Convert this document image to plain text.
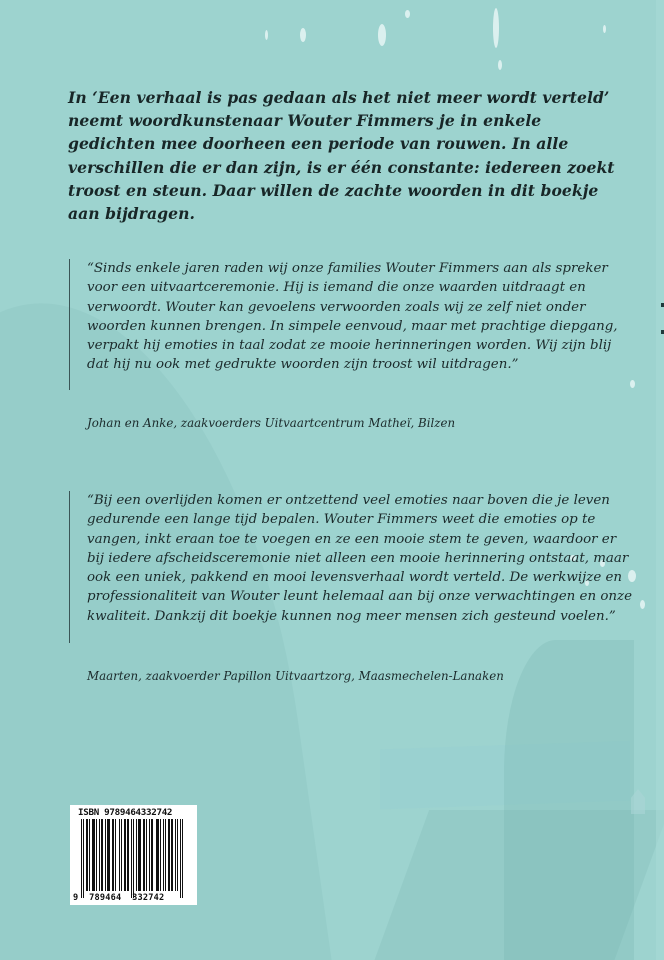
In ‘Een verhaal is pas gedaan als het niet meer wordt verteld’ neemt woordkunstenaar Wouter Fimmers je in enkele gedichten mee doorheen een periode van rouwen. In alle verschillen die er dan zijn, is er één constante: iedereen zoekt troost en steun. Daar willen de zachte woorden in dit boekje aan bijdragen.

“Sinds enkele jaren raden wij onze families Wouter Fimmers aan als spreker voor een uitvaartceremonie. Hij is iemand die onze waarden uitdraagt en verwoordt. Wouter kan gevoelens verwoorden zoals wij ze zelf niet onder woorden kunnen brengen. In simpele eenvoud, maar met prachtige diepgang, verpakt hij emoties in taal zodat ze mooie herinneringen worden. Wij zijn blij dat hij nu ook met gedrukte woorden zijn troost wil uitdragen.”

Johan en Anke, zaakvoerders Uitvaartcentrum Matheï, Bilzen

“Bij een overlijden komen er ontzettend veel emoties naar boven die je leven gedurende een lange tijd bepalen. Wouter Fimmers weet die emoties op te vangen, inkt eraan toe te voegen en ze een mooie stem te geven, waardoor er bij iedere afscheidsceremonie niet alleen een mooie herinnering ontstaat, maar ook een uniek, pakkend en mooi levensverhaal wordt verteld. De werkwijze en professionaliteit van Wouter leunt helemaal aan bij onze verwachtingen en onze kwaliteit. Dankzij dit boekje kunnen nog meer mensen zich gesteund voelen.”

Maarten, zaakvoerder Papillon Uitvaartzorg, Maasmechelen-Lanaken

ISBN 9789464332742
9  789464  332742
